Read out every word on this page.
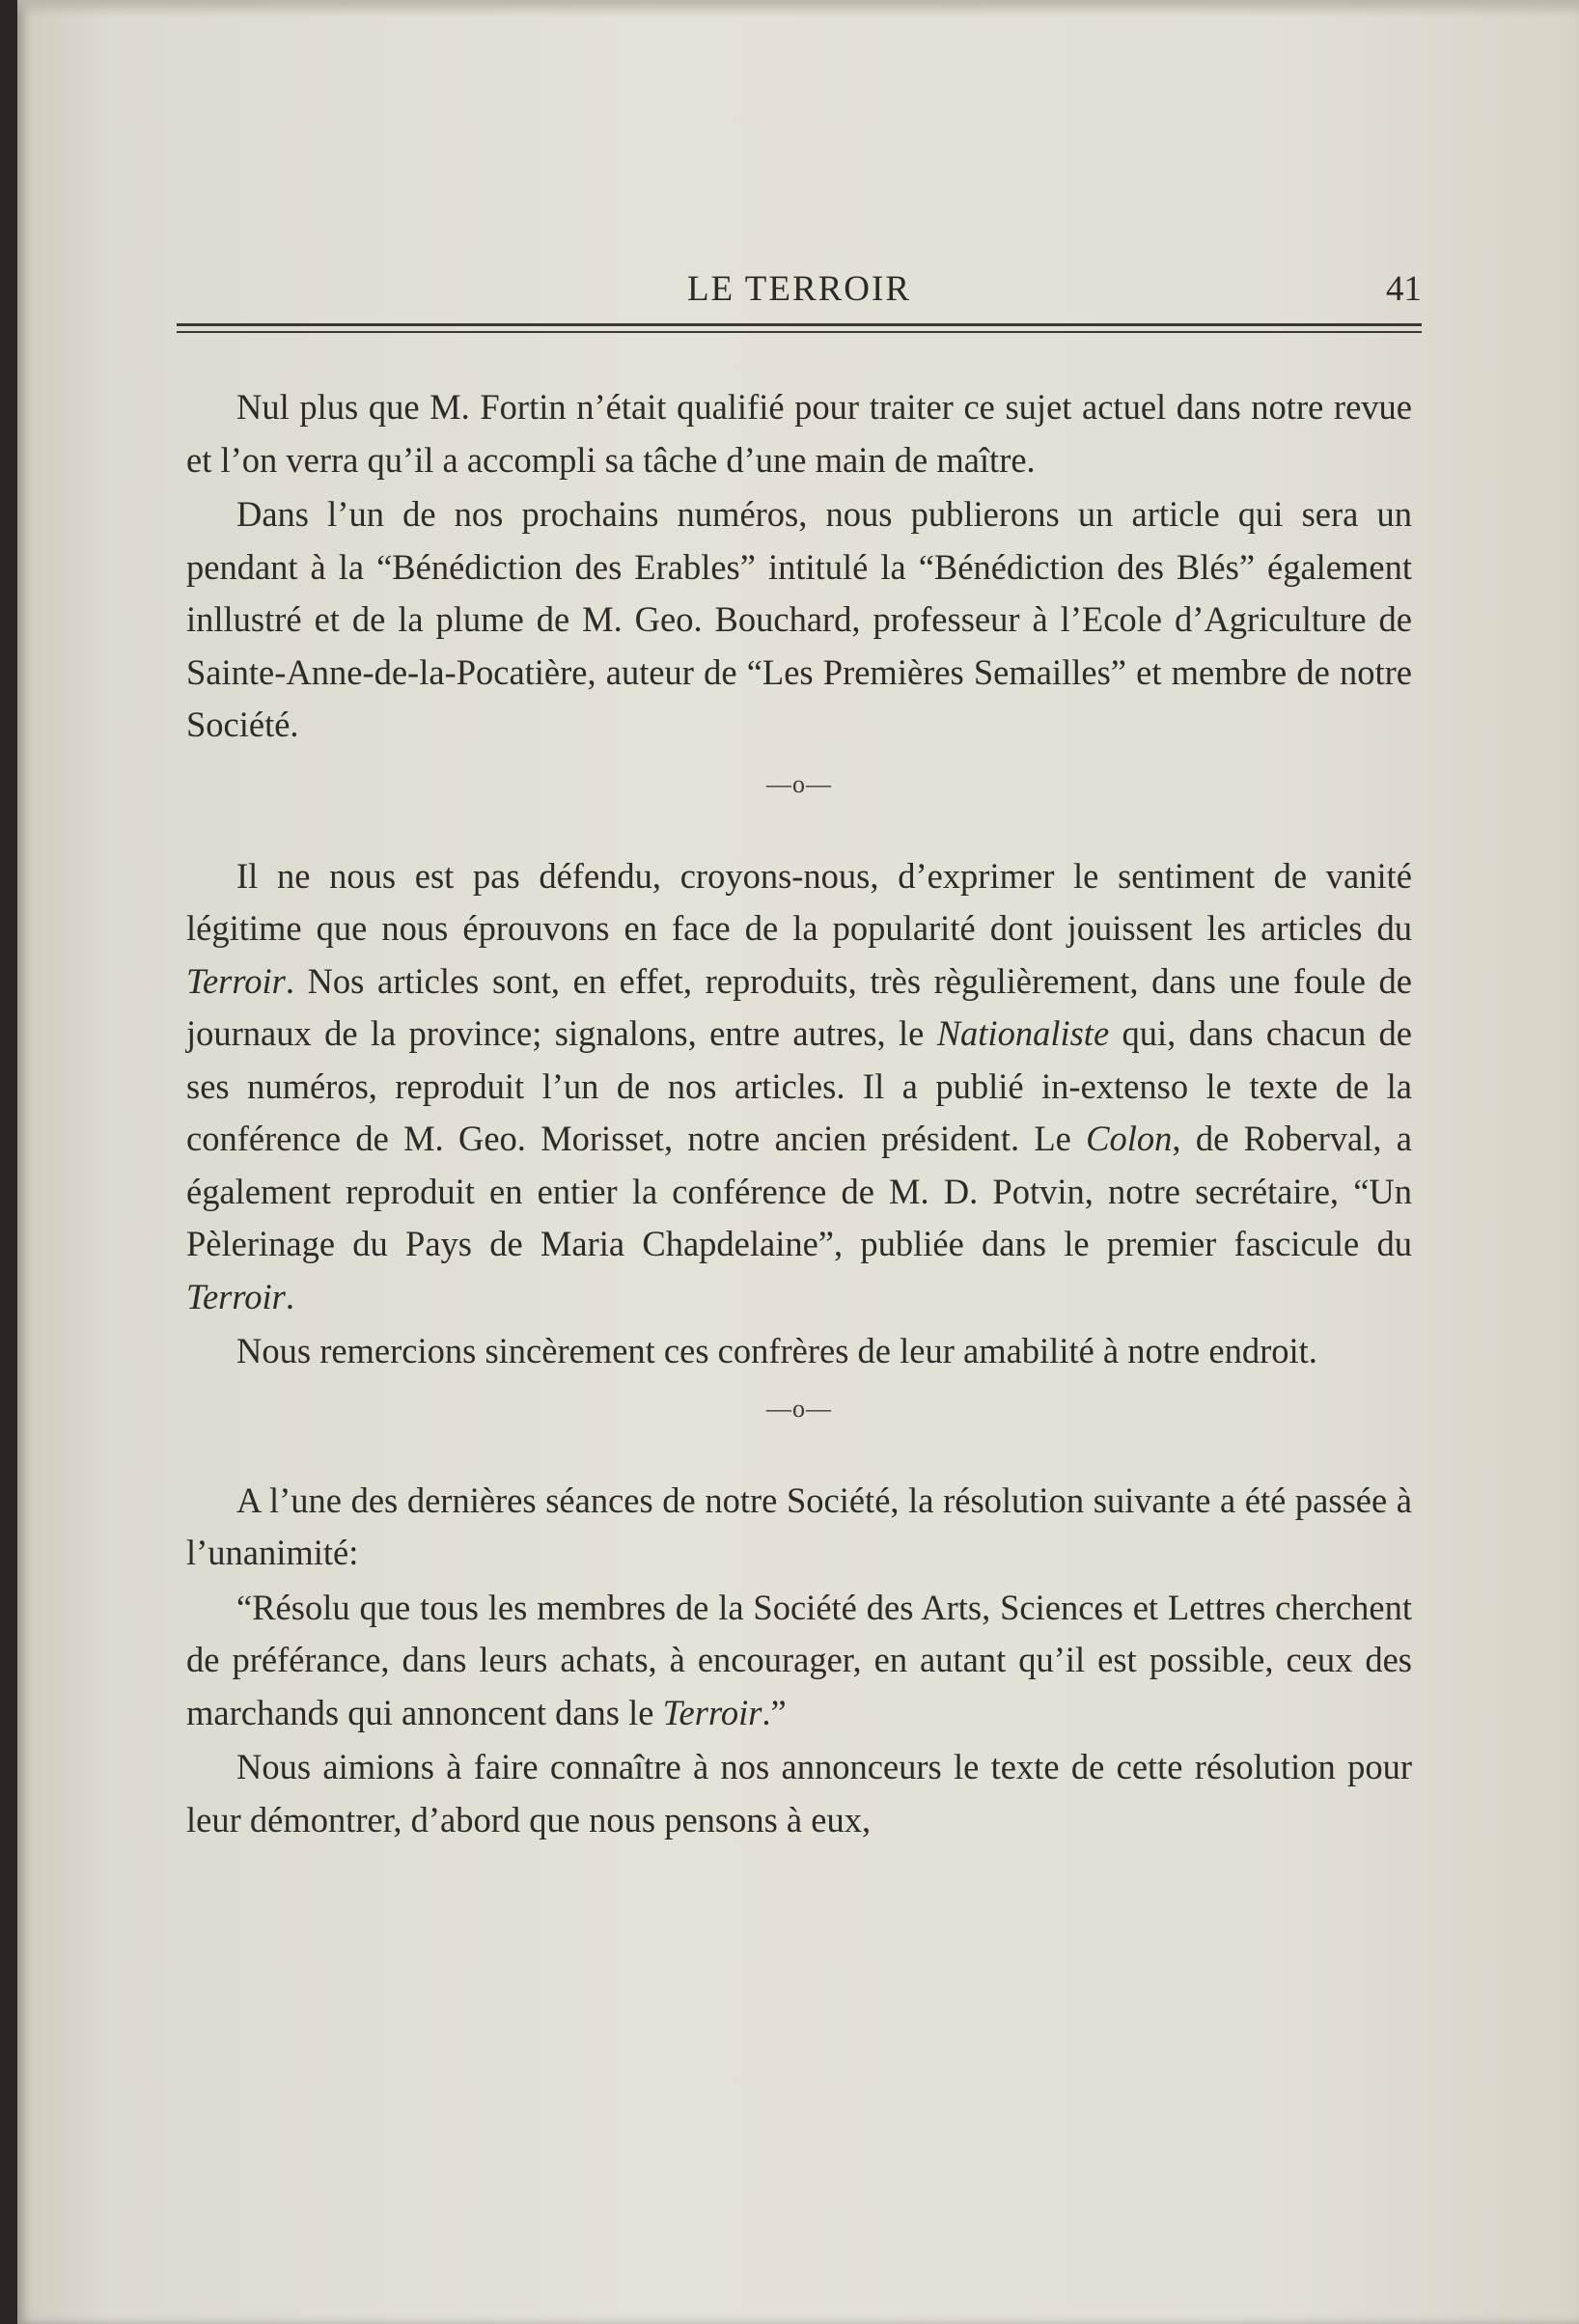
LE TERROIR	41

Nul plus que M. Fortin n’était qualifié pour traiter ce sujet actuel dans notre revue et l’on verra qu’il a accompli sa tâche d’une main de maître.

Dans l’un de nos prochains numéros, nous publierons un article qui sera un pendant à la “Bénédiction des Erables” intitulé la “Bénédiction des Blés” également inllustré et de la plume de M. Geo. Bouchard, professeur à l’Ecole d’Agriculture de Sainte-Anne-de-la-Pocatière, auteur de “Les Premières Semailles” et membre de notre Société.

—o—

Il ne nous est pas défendu, croyons-nous, d’exprimer le sentiment de vanité légitime que nous éprouvons en face de la popularité dont jouissent les articles du Terroir. Nos articles sont, en effet, reproduits, très règulièrement, dans une foule de journaux de la province; signalons, entre autres, le Nationaliste qui, dans chacun de ses numéros, reproduit l’un de nos articles. Il a publié in-extenso le texte de la conférence de M. Geo. Morisset, notre ancien président. Le Colon, de Roberval, a également reproduit en entier la conférence de M. D. Potvin, notre secrétaire, “Un Pèlerinage du Pays de Maria Chapdelaine”, publiée dans le premier fascicule du Terroir.

Nous remercions sincèrement ces confrères de leur amabilité à notre endroit.

—o—

A l’une des dernières séances de notre Société, la résolution suivante a été passée à l’unanimité:

“Résolu que tous les membres de la Société des Arts, Sciences et Lettres cherchent de préférance, dans leurs achats, à encourager, en autant qu’il est possible, ceux des marchands qui annoncent dans le Terroir.”

Nous aimions à faire connaître à nos annonceurs le texte de cette résolution pour leur démontrer, d’abord que nous pensons à eux,
